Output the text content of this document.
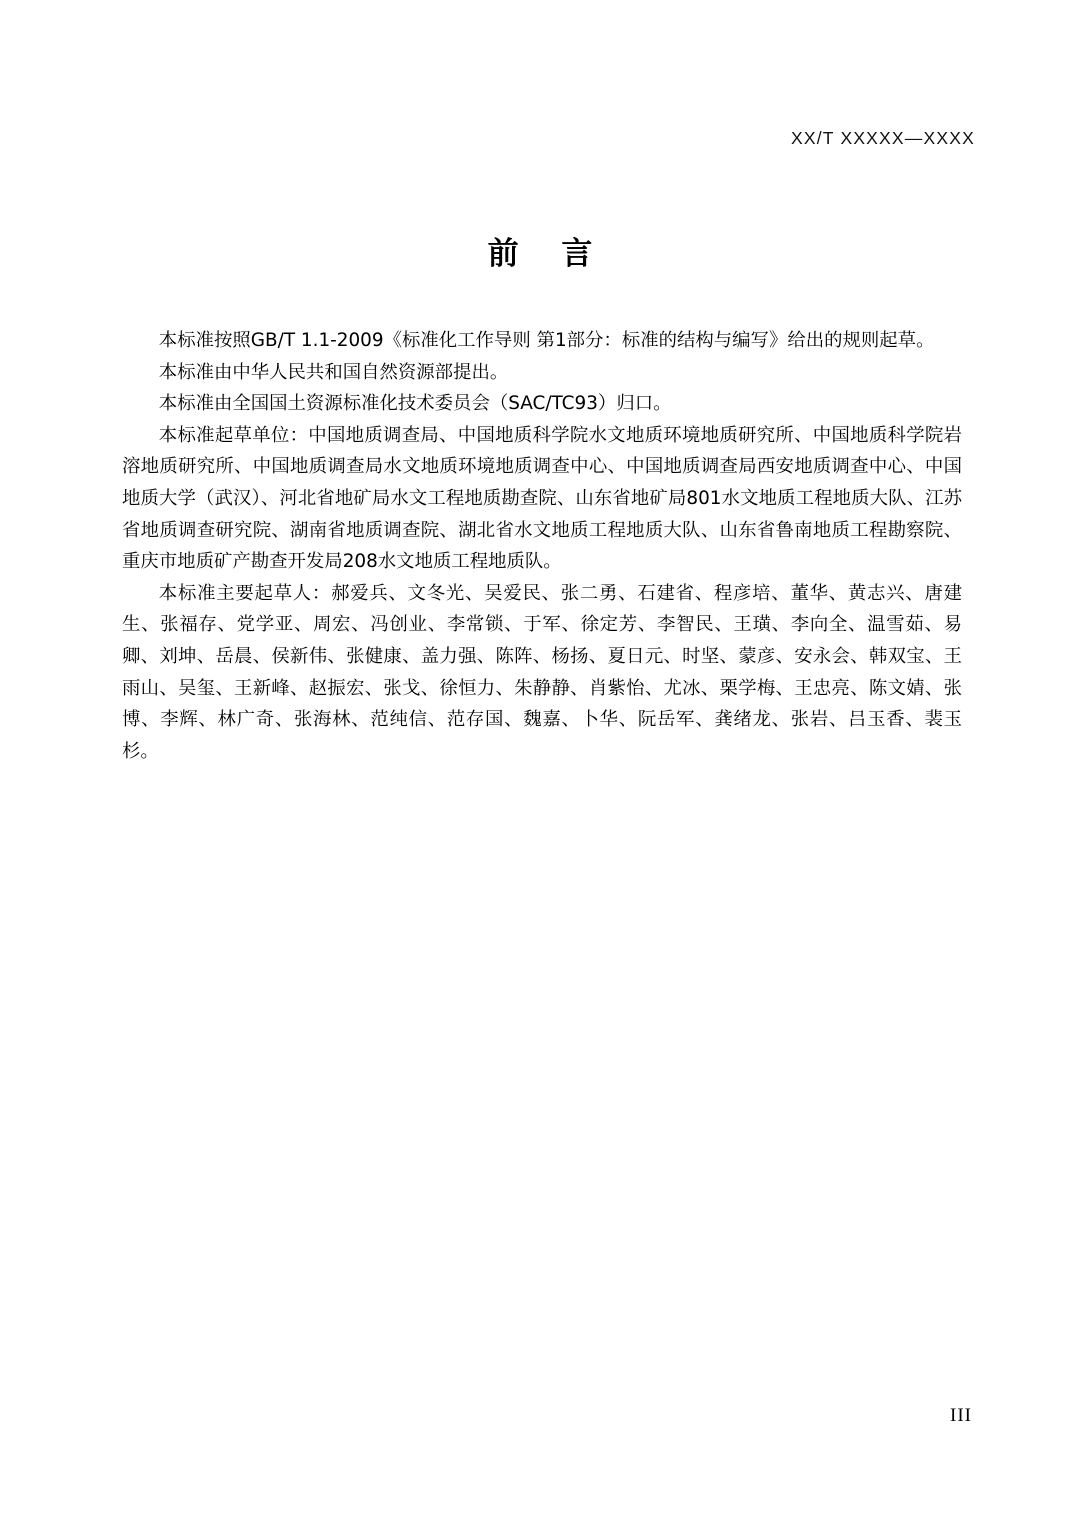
XX/T XXXXX—XXXX
前 言

本标准按照GB/T 1.1-2009《标准化工作导则 第1部分：标准的结构与编写》给出的规则起草。

本标准由中华人民共和国自然资源部提出。

本标准由全国国土资源标准化技术委员会（SAC/TC93）归口。

本标准起草单位：中国地质调查局、中国地质科学院水文地质环境地质研究所、中国地质科学院岩溶地质研究所、中国地质调查局水文地质环境地质调查中心、中国地质调查局西安地质调查中心、中国地质大学（武汉）、河北省地矿局水文工程地质勘查院、山东省地矿局801水文地质工程地质大队、江苏省地质调查研究院、湖南省地质调查院、湖北省水文地质工程地质大队、山东省鲁南地质工程勘察院、重庆市地质矿产勘查开发局208水文地质工程地质队。

本标准主要起草人：郝爱兵、文冬光、吴爱民、张二勇、石建省、程彦培、董华、黄志兴、唐建生、张福存、党学亚、周宏、冯创业、李常锁、于军、徐定芳、李智民、王璜、李向全、温雪茹、易卿、刘坤、岳晨、侯新伟、张健康、盖力强、陈阵、杨扬、夏日元、时坚、蒙彦、安永会、韩双宝、王雨山、吴玺、王新峰、赵振宏、张戈、徐恒力、朱静静、肖紫怡、尤冰、栗学梅、王忠亮、陈文婧、张博、李辉、林广奇、张海林、范纯信、范存国、魏嘉、卜华、阮岳军、龚绪龙、张岩、吕玉香、裴玉杉。

III
